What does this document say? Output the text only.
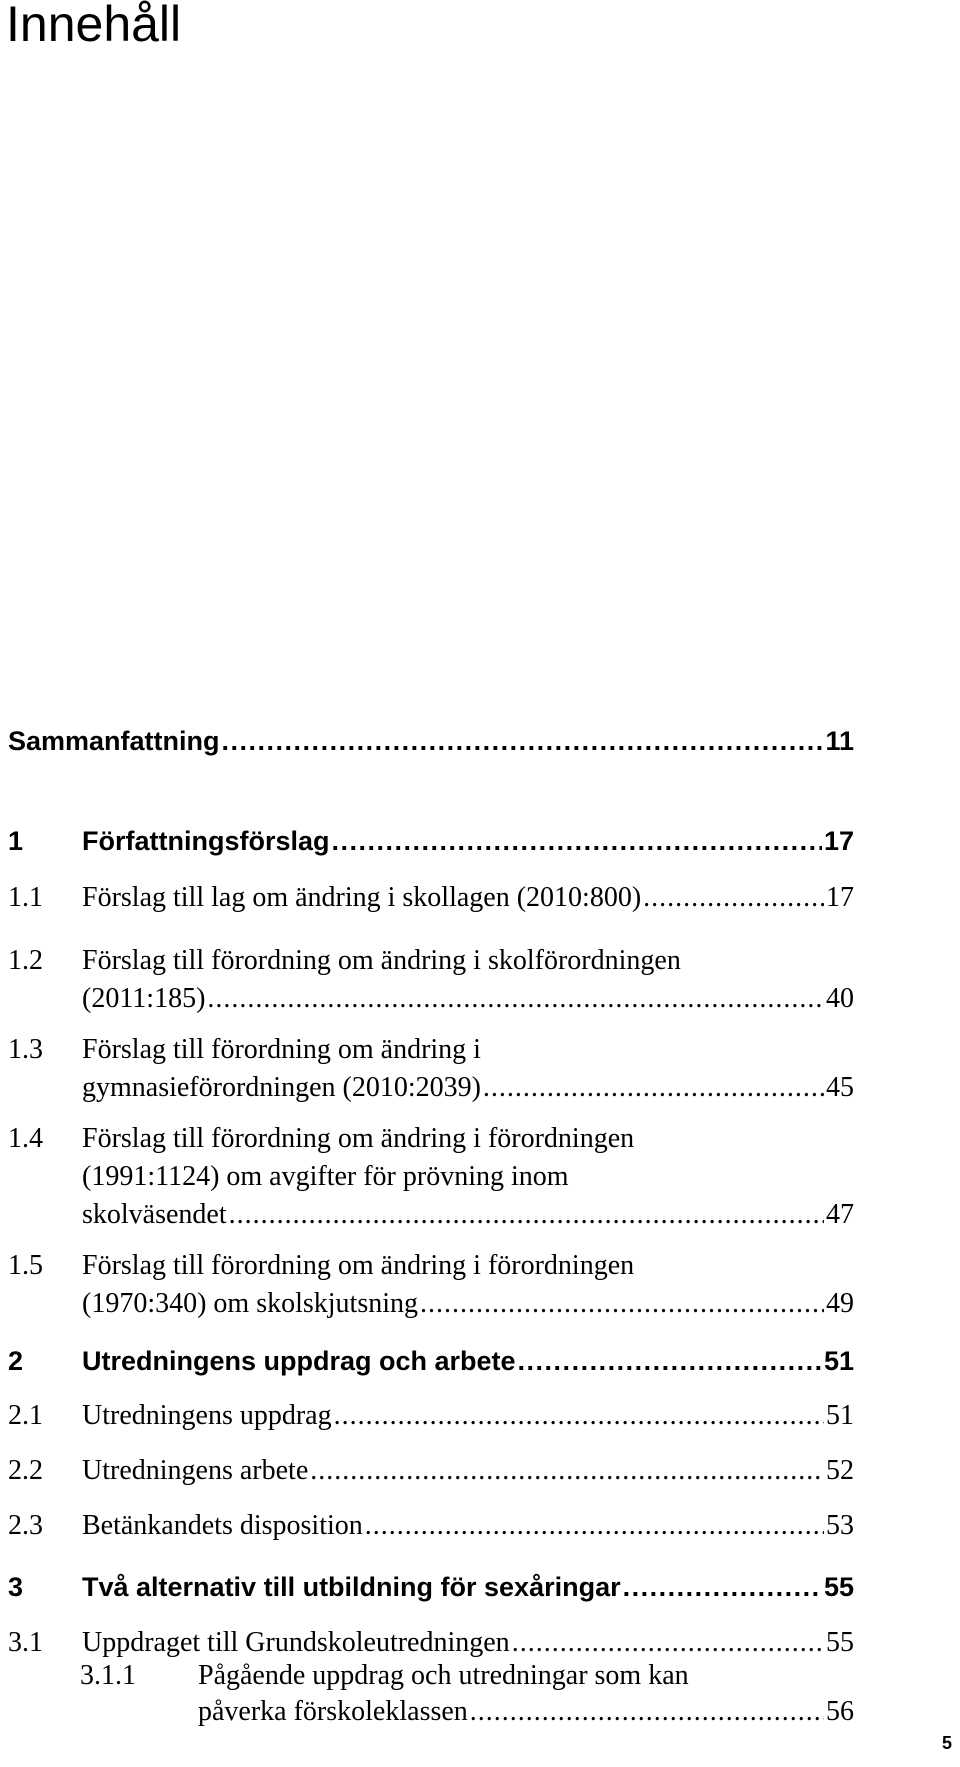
Innehåll
Sammanfattning . . .	11
1 Författningsförslag . . .	17
1.1 Förslag till lag om ändring i skollagen (2010:800) . . .	17
1.2 Förslag till förordning om ändring i skolförordningen
(2011:185) . . .	40
1.3 Förslag till förordning om ändring i
gymnasieförordningen (2010:2039) . . .	45
1.4 Förslag till förordning om ändring i förordningen
(1991:1124) om avgifter för prövning inom
skolväsendet . . .	47
1.5 Förslag till förordning om ändring i förordningen
(1970:340) om skolskjutsning . . .	49
2 Utredningens uppdrag och arbete . . .	51
2.1 Utredningens uppdrag . . .	51
2.2 Utredningens arbete . . .	52
2.3 Betänkandets disposition . . .	53
3 Två alternativ till utbildning för sexåringar . . .	55
3.1 Uppdraget till Grundskoleutredningen . . .	55
3.1.1 Pågående uppdrag och utredningar som kan
påverka förskoleklassen . . .	56
5
